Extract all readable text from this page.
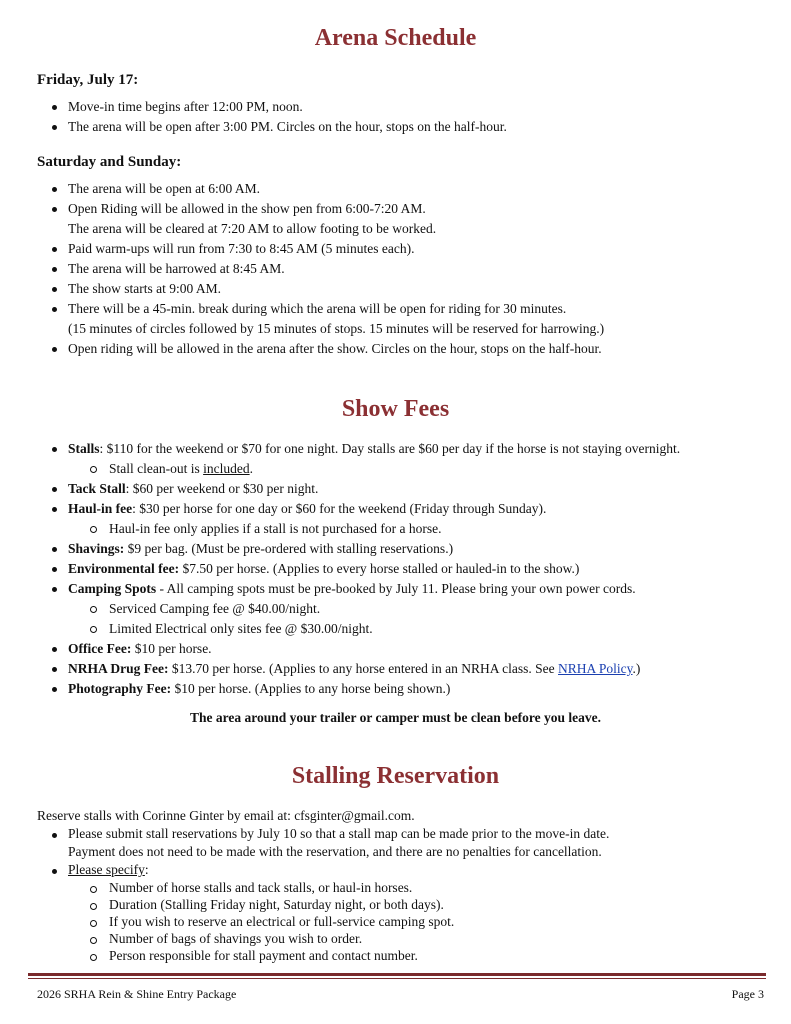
Arena Schedule
Friday, July 17:
Move-in time begins after 12:00 PM, noon.
The arena will be open after 3:00 PM. Circles on the hour, stops on the half-hour.
Saturday and Sunday:
The arena will be open at 6:00 AM.
Open Riding will be allowed in the show pen from 6:00-7:20 AM.
The arena will be cleared at 7:20 AM to allow footing to be worked.
Paid warm-ups will run from 7:30 to 8:45 AM (5 minutes each).
The arena will be harrowed at 8:45 AM.
The show starts at 9:00 AM.
There will be a 45-min. break during which the arena will be open for riding for 30 minutes.
(15 minutes of circles followed by 15 minutes of stops. 15 minutes will be reserved for harrowing.)
Open riding will be allowed in the arena after the show. Circles on the hour, stops on the half-hour.
Show Fees
Stalls: $110 for the weekend or $70 for one night. Day stalls are $60 per day if the horse is not staying overnight.
Stall clean-out is included.
Tack Stall: $60 per weekend or $30 per night.
Haul-in fee: $30 per horse for one day or $60 for the weekend (Friday through Sunday).
Haul-in fee only applies if a stall is not purchased for a horse.
Shavings: $9 per bag. (Must be pre-ordered with stalling reservations.)
Environmental fee: $7.50 per horse. (Applies to every horse stalled or hauled-in to the show.)
Camping Spots - All camping spots must be pre-booked by July 11. Please bring your own power cords.
Serviced Camping fee @ $40.00/night.
Limited Electrical only sites fee @ $30.00/night.
Office Fee: $10 per horse.
NRHA Drug Fee: $13.70 per horse. (Applies to any horse entered in an NRHA class. See NRHA Policy.)
Photography Fee: $10 per horse. (Applies to any horse being shown.)
The area around your trailer or camper must be clean before you leave.
Stalling Reservation
Reserve stalls with Corinne Ginter by email at: cfsginter@gmail.com.
Please submit stall reservations by July 10 so that a stall map can be made prior to the move-in date.
Payment does not need to be made with the reservation, and there are no penalties for cancellation.
Please specify:
Number of horse stalls and tack stalls, or haul-in horses.
Duration (Stalling Friday night, Saturday night, or both days).
If you wish to reserve an electrical or full-service camping spot.
Number of bags of shavings you wish to order.
Person responsible for stall payment and contact number.
2026 SRHA Rein & Shine Entry Package	Page 3
